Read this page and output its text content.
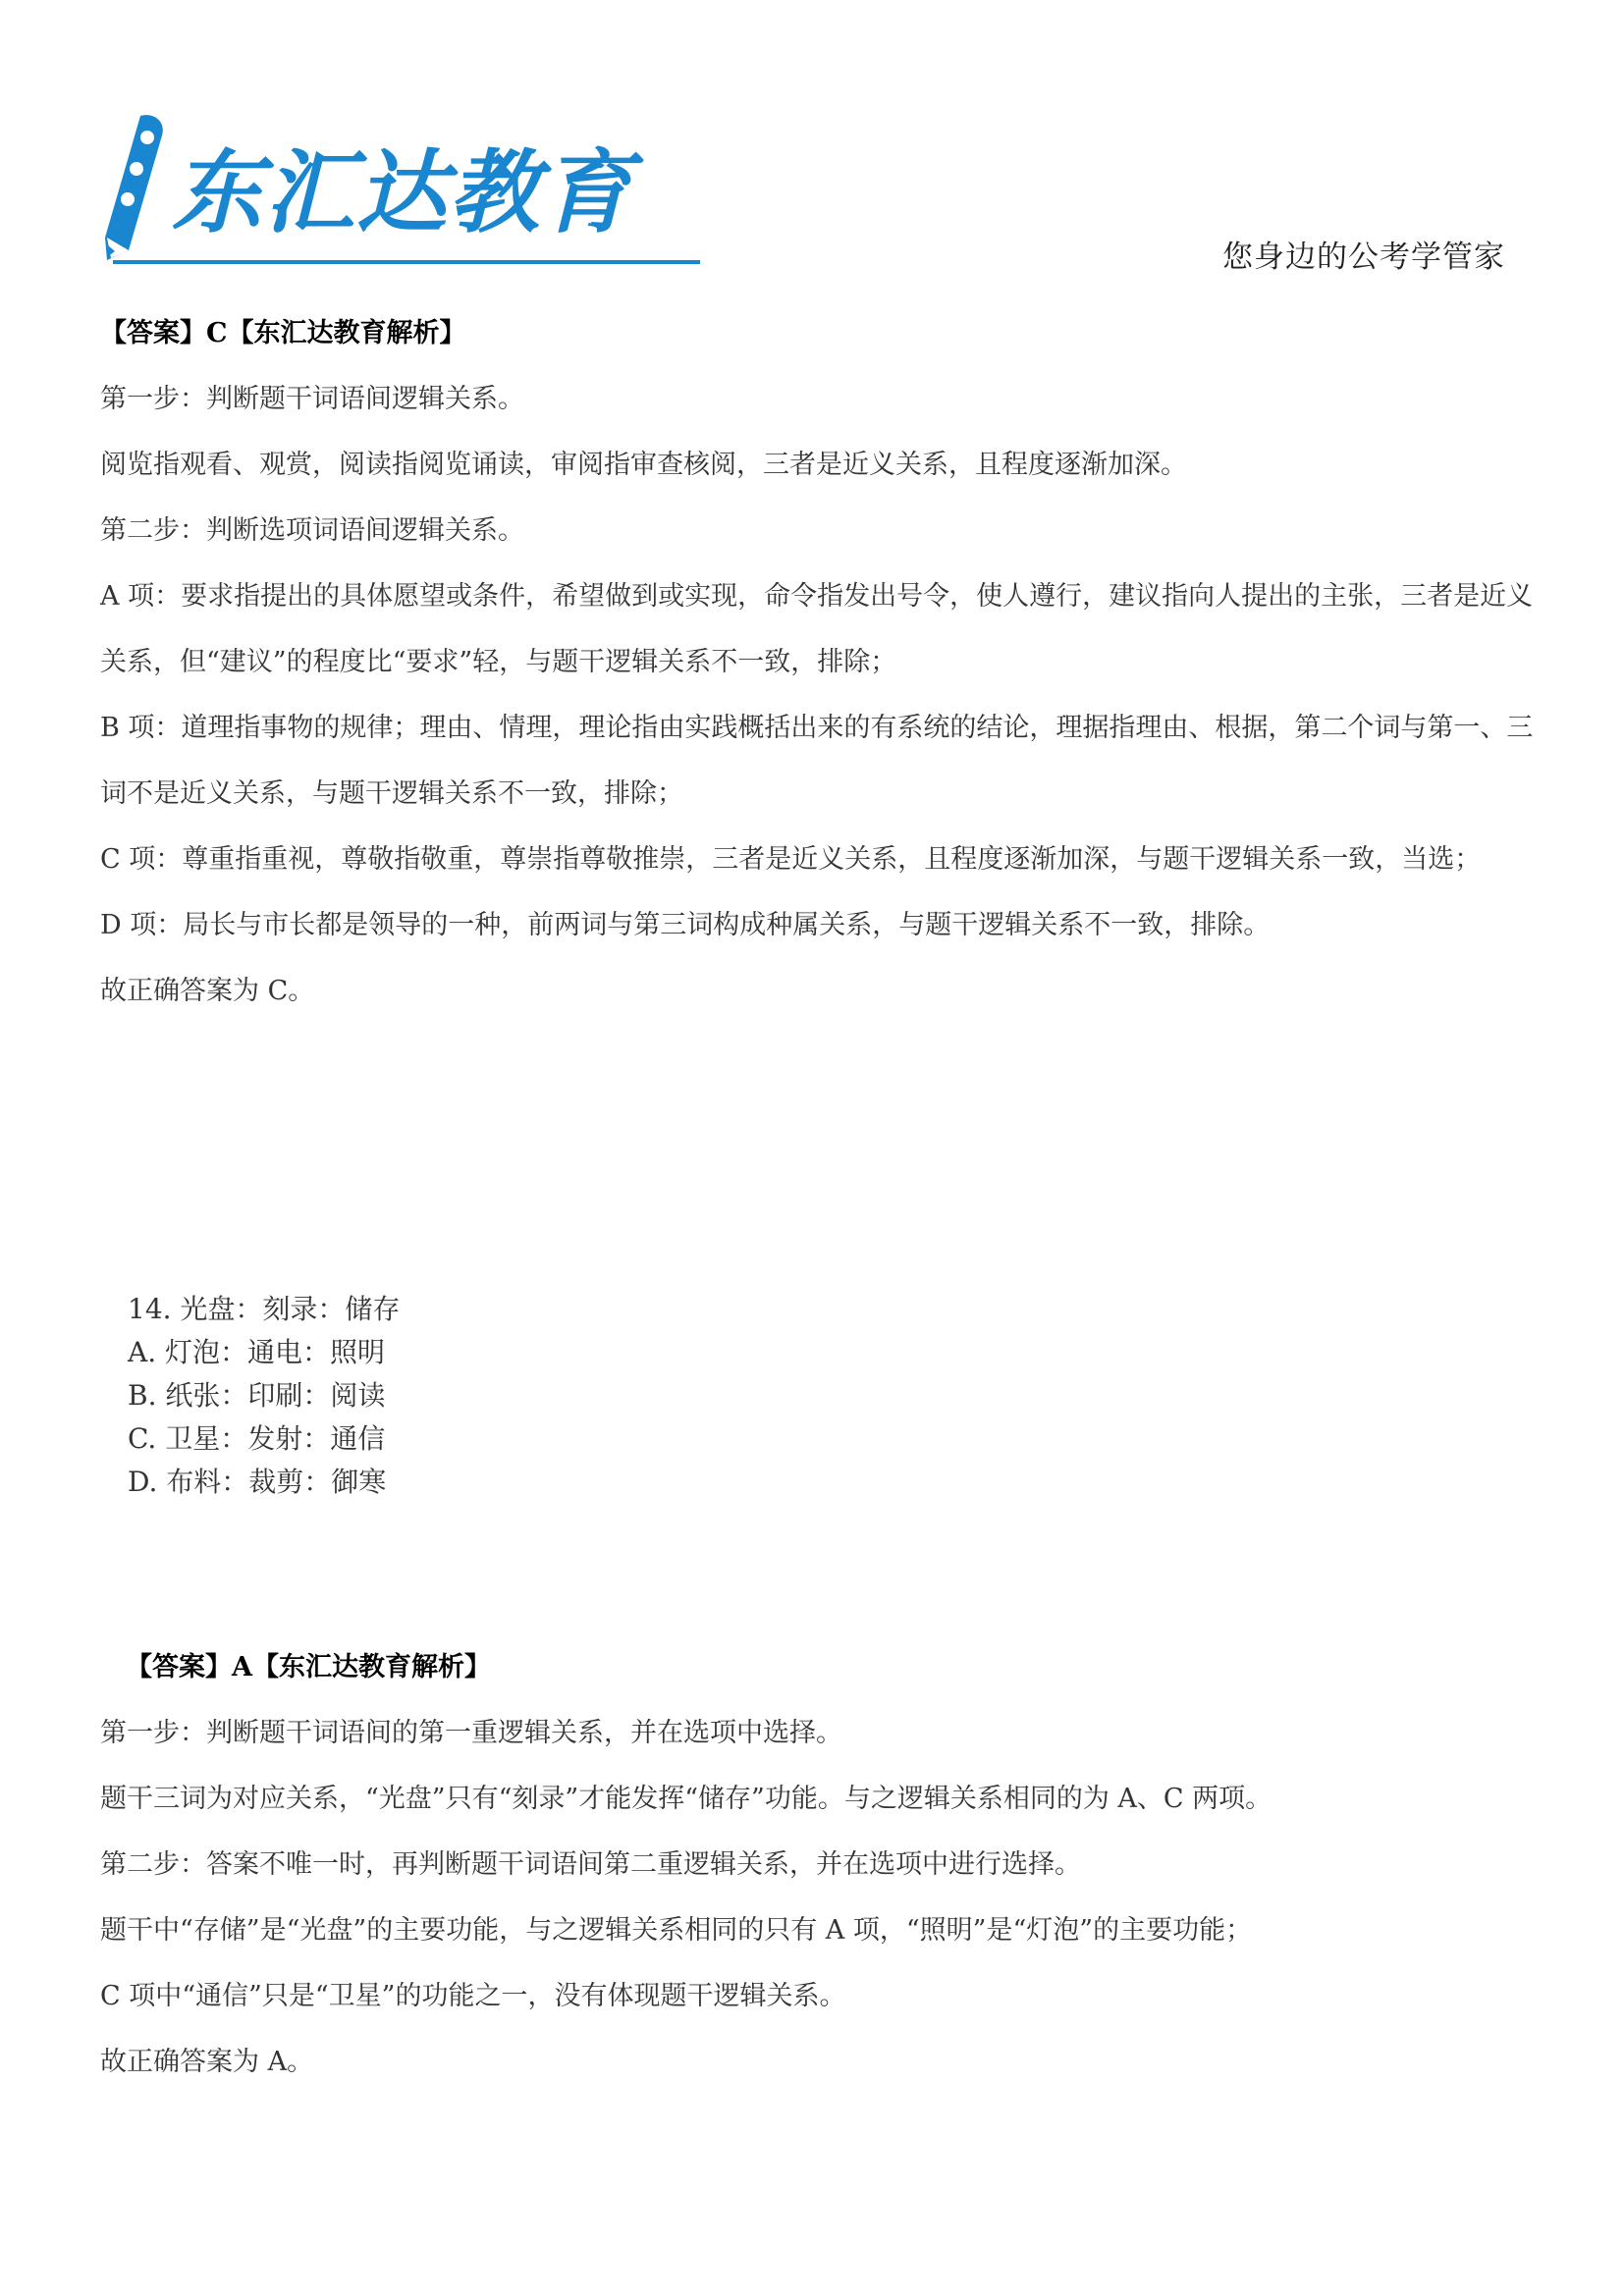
东汇达教育
您身边的公考学管家

【答案】C【东汇达教育解析】

第一步：判断题干词语间逻辑关系。

阅览指观看、观赏，阅读指阅览诵读，审阅指审查核阅，三者是近义关系，且程度逐渐加深。

第二步：判断选项词语间逻辑关系。

A 项：要求指提出的具体愿望或条件，希望做到或实现，命令指发出号令，使人遵行，建议指向人提出的主张，三者是近义关系，但“建议”的程度比“要求”轻，与题干逻辑关系不一致，排除；

B 项：道理指事物的规律；理由、情理，理论指由实践概括出来的有系统的结论，理据指理由、根据，第二个词与第一、三词不是近义关系，与题干逻辑关系不一致，排除；

C 项：尊重指重视，尊敬指敬重，尊崇指尊敬推崇，三者是近义关系，且程度逐渐加深，与题干逻辑关系一致，当选；

D 项：局长与市长都是领导的一种，前两词与第三词构成种属关系，与题干逻辑关系不一致，排除。

故正确答案为 C。

14. 光盘：刻录：储存

A. 灯泡：通电：照明

B. 纸张：印刷：阅读

C. 卫星：发射：通信

D. 布料：裁剪：御寒

【答案】A【东汇达教育解析】

第一步：判断题干词语间的第一重逻辑关系，并在选项中选择。

题干三词为对应关系，“光盘”只有“刻录”才能发挥“储存”功能。与之逻辑关系相同的为 A、C 两项。

第二步：答案不唯一时，再判断题干词语间第二重逻辑关系，并在选项中进行选择。

题干中“存储”是“光盘”的主要功能，与之逻辑关系相同的只有 A 项，“照明”是“灯泡”的主要功能；

C 项中“通信”只是“卫星”的功能之一，没有体现题干逻辑关系。

故正确答案为 A。
